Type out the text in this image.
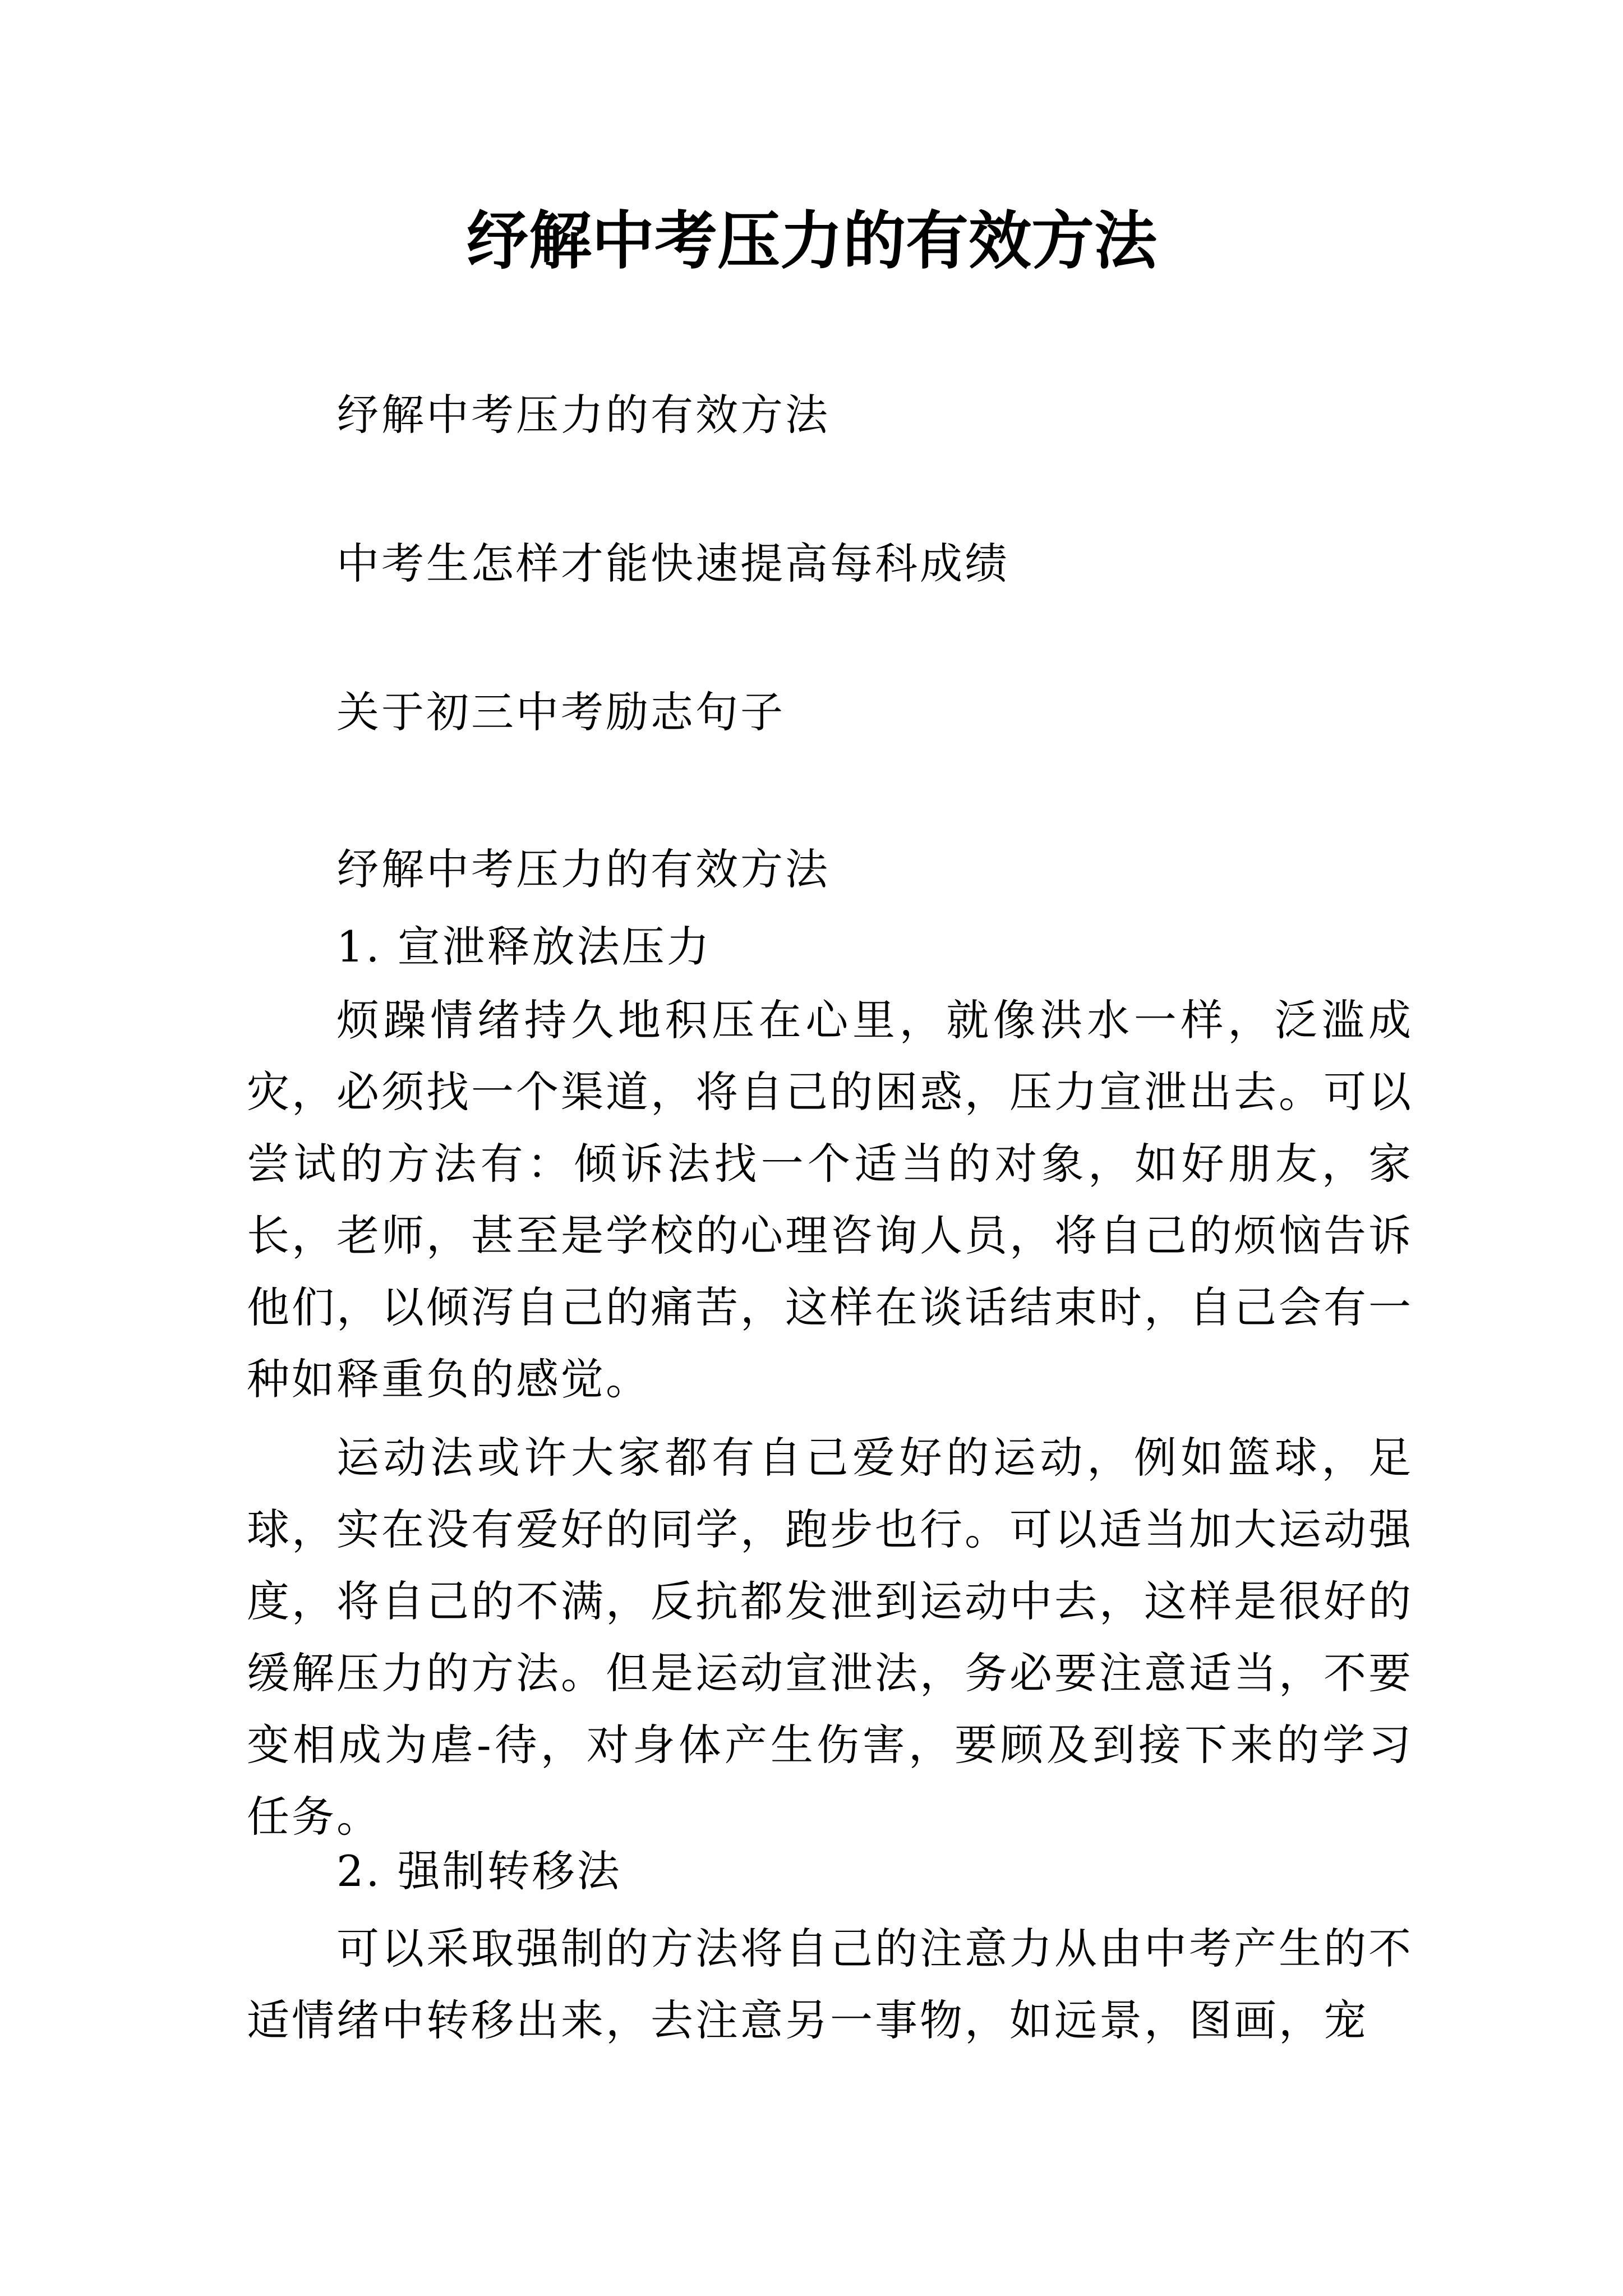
纾解中考压力的有效方法
纾解中考压力的有效方法
中考生怎样才能快速提高每科成绩
关于初三中考励志句子
纾解中考压力的有效方法
1. 宣泄释放法压力
烦躁情绪持久地积压在心里，就像洪水一样，泛滥成灾，必须找一个渠道，将自己的困惑，压力宣泄出去。可以尝试的方法有：倾诉法找一个适当的对象，如好朋友，家长，老师，甚至是学校的心理咨询人员，将自己的烦恼告诉他们，以倾泻自己的痛苦，这样在谈话结束时，自己会有一种如释重负的感觉。
运动法或许大家都有自己爱好的运动，例如篮球，足球，实在没有爱好的同学，跑步也行。可以适当加大运动强度，将自己的不满，反抗都发泄到运动中去，这样是很好的缓解压力的方法。但是运动宣泄法，务必要注意适当，不要变相成为虐-待，对身体产生伤害，要顾及到接下来的学习任务。
2. 强制转移法
可以采取强制的方法将自己的注意力从由中考产生的不适情绪中转移出来，去注意另一事物，如远景，图画，宠
